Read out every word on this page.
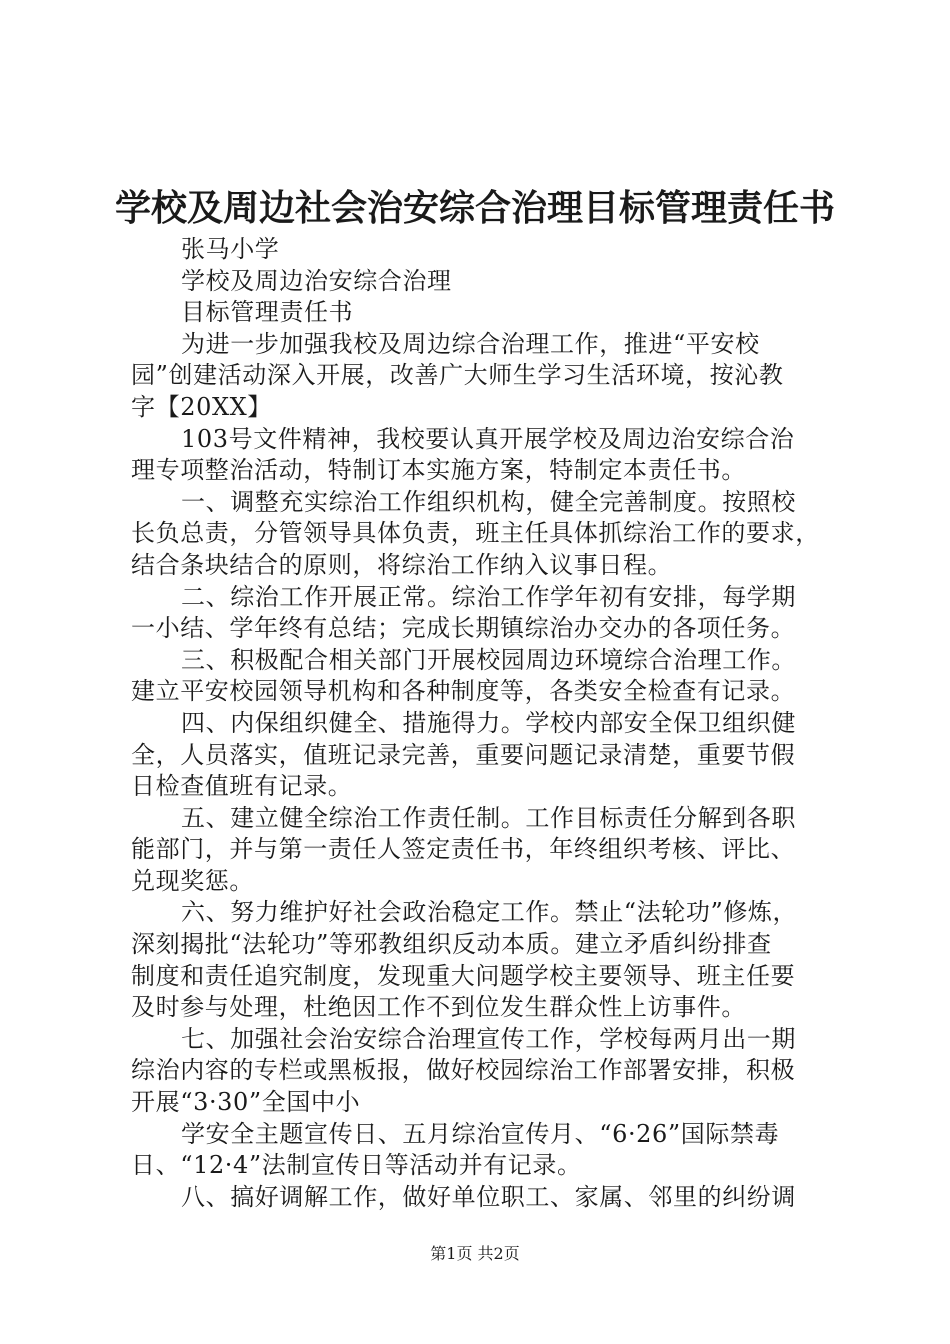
学校及周边社会治安综合治理目标管理责任书
张马小学
学校及周边治安综合治理
目标管理责任书
为进一步加强我校及周边综合治理工作，推进“平安校
园”创建活动深入开展，改善广大师生学习生活环境，按沁教
字【20XX】
103号文件精神，我校要认真开展学校及周边治安综合治
理专项整治活动，特制订本实施方案，特制定本责任书。
一、调整充实综治工作组织机构，健全完善制度。按照校
长负总责，分管领导具体负责，班主任具体抓综治工作的要求，
结合条块结合的原则，将综治工作纳入议事日程。
二、综治工作开展正常。综治工作学年初有安排，每学期
一小结、学年终有总结；完成长期镇综治办交办的各项任务。
三、积极配合相关部门开展校园周边环境综合治理工作。
建立平安校园领导机构和各种制度等，各类安全检查有记录。
四、内保组织健全、措施得力。学校内部安全保卫组织健
全，人员落实，值班记录完善，重要问题记录清楚，重要节假
日检查值班有记录。
五、建立健全综治工作责任制。工作目标责任分解到各职
能部门，并与第一责任人签定责任书，年终组织考核、评比、
兑现奖惩。
六、努力维护好社会政治稳定工作。禁止“法轮功”修炼，
深刻揭批“法轮功”等邪教组织反动本质。建立矛盾纠纷排查
制度和责任追究制度，发现重大问题学校主要领导、班主任要
及时参与处理，杜绝因工作不到位发生群众性上访事件。
七、加强社会治安综合治理宣传工作，学校每两月出一期
综治内容的专栏或黑板报，做好校园综治工作部署安排，积极
开展“3·30”全国中小
学安全主题宣传日、五月综治宣传月、“6·26”国际禁毒
日、“12·4”法制宣传日等活动并有记录。
八、搞好调解工作，做好单位职工、家属、邻里的纠纷调
第1页 共2页
